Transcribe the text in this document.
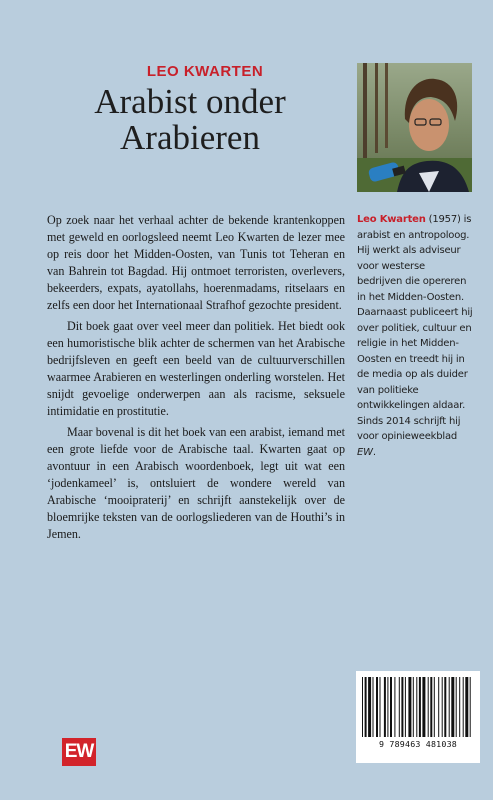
LEO KWARTEN
Arabist onder
Arabieren

Op zoek naar het verhaal achter de bekende krantenkoppen met geweld en oorlogsleed neemt Leo Kwarten de lezer mee op reis door het Midden-Oosten, van Tunis tot Teheran en van Bahrein tot Bagdad. Hij ontmoet terroristen, overlevers, bekeerders, expats, ayatollahs, hoerenmadams, ritselaars en zelfs een door het Internationaal Strafhof gezochte president.

Dit boek gaat over veel meer dan politiek. Het biedt ook een humoristische blik achter de schermen van het Arabische bedrijfsleven en geeft een beeld van de cultuurverschillen waarmee Arabieren en westerlingen onderling worstelen. Het snijdt gevoelige onderwerpen aan als racisme, seksuele intimidatie en prostitutie.

Maar bovenal is dit het boek van een arabist, iemand met een grote liefde voor de Arabische taal. Kwarten gaat op avontuur in een Arabisch woordenboek, legt uit wat een ‘jodenkameel’ is, ontsluiert de wondere wereld van Arabische ‘mooipraterij’ en schrijft aanstekelijk over de bloemrijke teksten van de oorlogsliederen van de Houthi’s in Jemen.

Leo Kwarten (1957) is arabist en antropoloog. Hij werkt als adviseur voor westerse bedrijven die opereren in het Midden-Oosten. Daarnaast publiceert hij over politiek, cultuur en religie in het Midden-Oosten en treedt hij in de media op als duider van politieke ontwikkelingen aldaar. Sinds 2014 schrijft hij voor opinieweekblad EW.
9 789463 481038
EW
